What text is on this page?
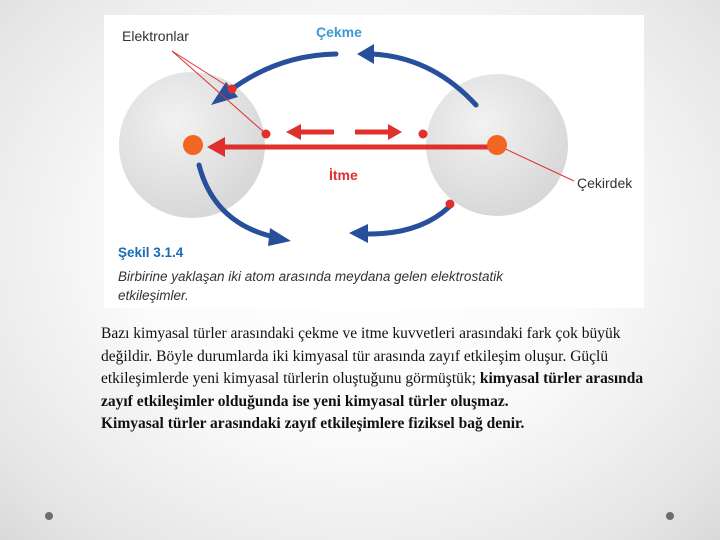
Elektronlar	Çekme
İtme	Çekirdek
Şekil 3.1.4
Birbirine yaklaşan iki atom arasında meydana gelen elektrostatik etkileşimler.
Bazı kimyasal türler arasındaki çekme ve itme kuvvetleri arasındaki fark çok büyük değildir. Böyle durumlarda iki kimyasal tür arasında zayıf etkileşim oluşur. Güçlü etkileşimlerde yeni kimyasal türlerin oluştuğunu görmüştük; kimyasal türler arasında zayıf etkileşimler olduğunda ise yeni kimyasal türler oluşmaz.
Kimyasal türler arasındaki zayıf etkileşimlere fiziksel bağ denir.
